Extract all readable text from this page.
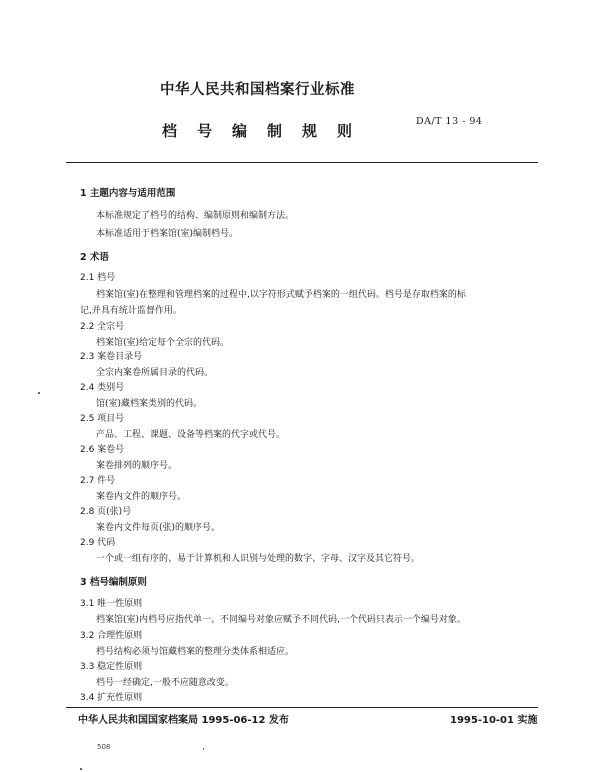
中华人民共和国档案行业标准
档号编制规则
DA/T 13 - 94
1 主题内容与适用范围
本标准规定了档号的结构、编制原则和编制方法。
本标准适用于档案馆(室)编制档号。
2 术语
2.1 档号
档案馆(室)在整理和管理档案的过程中,以字符形式赋予档案的一组代码。档号是存取档案的标
记,并具有统计监督作用。
2.2 全宗号
档案馆(室)给定每个全宗的代码。
2.3 案卷目录号
全宗内案卷所属目录的代码。
2.4 类别号
馆(室)藏档案类别的代码。
2.5 项目号
产品、工程、课题、设备等档案的代字或代号。
2.6 案卷号
案卷排列的顺序号。
2.7 件号
案卷内文件的顺序号。
2.8 页(张)号
案卷内文件每页(张)的顺序号。
2.9 代码
一个或一组有序的、易于计算机和人识别与处理的数字、字母、汉字及其它符号。
3 档号编制原则
3.1 唯一性原则
档案馆(室)内档号应指代单一。不同编号对象应赋予不同代码,一个代码只表示一个编号对象。
3.2 合理性原则
档号结构必须与馆藏档案的整理分类体系相适应。
3.3 稳定性原则
档号一经确定,一般不应随意改变。
3.4 扩充性原则
中华人民共和国国家档案局 1995-06-12 发布	1995-10-01 实施
508
